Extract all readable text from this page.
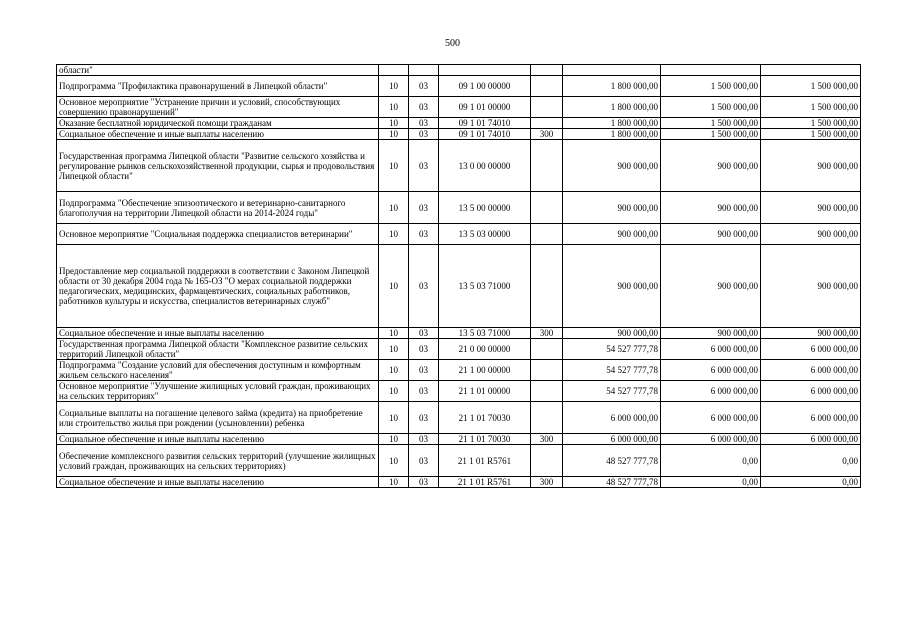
500
области"							
Подпрограмма "Профилактика правонарушений в Липецкой области"	10	03	09 1 00 00000		1 800 000,00	1 500 000,00	1 500 000,00
Основное мероприятие "Устранение причин и условий, способствующих совершению правонарушений"	10	03	09 1 01 00000		1 800 000,00	1 500 000,00	1 500 000,00
Оказание бесплатной юридической помощи гражданам	10	03	09 1 01 74010		1 800 000,00	1 500 000,00	1 500 000,00
Социальное обеспечение и иные выплаты населению	10	03	09 1 01 74010	300	1 800 000,00	1 500 000,00	1 500 000,00
Государственная программа Липецкой области "Развитие сельского хозяйства и регулирование рынков сельскохозяйственной продукции, сырья и продовольствия Липецкой области"	10	03	13 0 00 00000		900 000,00	900 000,00	900 000,00
Подпрограмма "Обеспечение эпизоотического и ветеринарно-санитарного благополучия на территории Липецкой области на 2014-2024 годы"	10	03	13 5 00 00000		900 000,00	900 000,00	900 000,00
Основное мероприятие "Социальная поддержка специалистов ветеринарии"	10	03	13 5 03 00000		900 000,00	900 000,00	900 000,00
Предоставление мер социальной поддержки в соответствии с Законом Липецкой области от 30 декабря 2004 года № 165-ОЗ "О мерах социальной поддержки педагогических, медицинских, фармацевтических, социальных работников, работников культуры и искусства, специалистов ветеринарных служб"	10	03	13 5 03 71000		900 000,00	900 000,00	900 000,00
Социальное обеспечение и иные выплаты населению	10	03	13 5 03 71000	300	900 000,00	900 000,00	900 000,00
Государственная программа Липецкой области "Комплексное развитие сельских территорий Липецкой области"	10	03	21 0 00 00000		54 527 777,78	6 000 000,00	6 000 000,00
Подпрограмма "Создание условий для обеспечения доступным и комфортным жильем сельского населения"	10	03	21 1 00 00000		54 527 777,78	6 000 000,00	6 000 000,00
Основное мероприятие "Улучшение жилищных условий граждан, проживающих на сельских территориях"	10	03	21 1 01 00000		54 527 777,78	6 000 000,00	6 000 000,00
Социальные выплаты на погашение целевого займа (кредита) на приобретение или строительство жилья при рождении (усыновлении) ребенка	10	03	21 1 01 70030		6 000 000,00	6 000 000,00	6 000 000,00
Социальное обеспечение и иные выплаты населению	10	03	21 1 01 70030	300	6 000 000,00	6 000 000,00	6 000 000,00
Обеспечение комплексного развития сельских территорий (улучшение жилищных условий граждан, проживающих на сельских территориях)	10	03	21 1 01 R5761		48 527 777,78	0,00	0,00
Социальное обеспечение и иные выплаты населению	10	03	21 1 01 R5761	300	48 527 777,78	0,00	0,00
